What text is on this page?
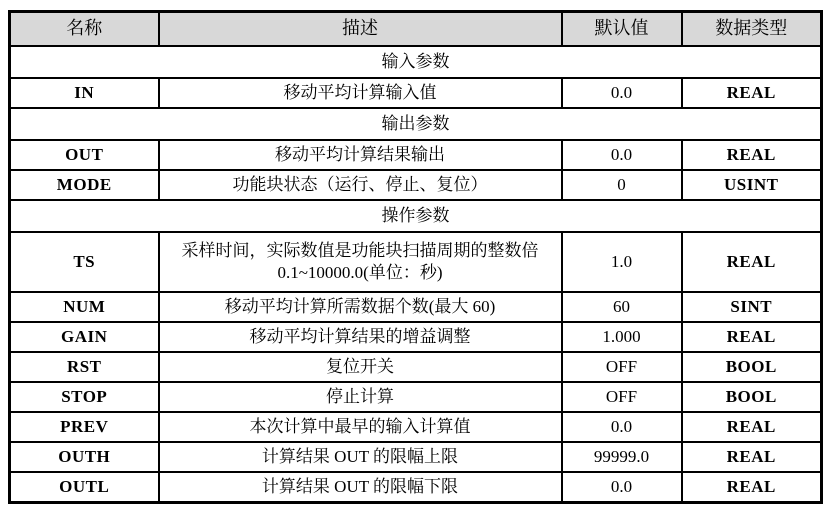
名称	描述	默认值	数据类型
输入参数			
IN	移动平均计算输入值	0.0	REAL
输出参数			
OUT	移动平均计算结果输出	0.0	REAL
MODE	功能块状态（运行、停止、复位）	0	USINT
操作参数			
TS	采样时间，实际数值是功能块扫描周期的整数倍 0.1~10000.0(单位：秒)	1.0	REAL
NUM	移动平均计算所需数据个数(最大 60)	60	SINT
GAIN	移动平均计算结果的增益调整	1.000	REAL
RST	复位开关	OFF	BOOL
STOP	停止计算	OFF	BOOL
PREV	本次计算中最早的输入计算值	0.0	REAL
OUTH	计算结果 OUT 的限幅上限	99999.0	REAL
OUTL	计算结果 OUT 的限幅下限	0.0	REAL
